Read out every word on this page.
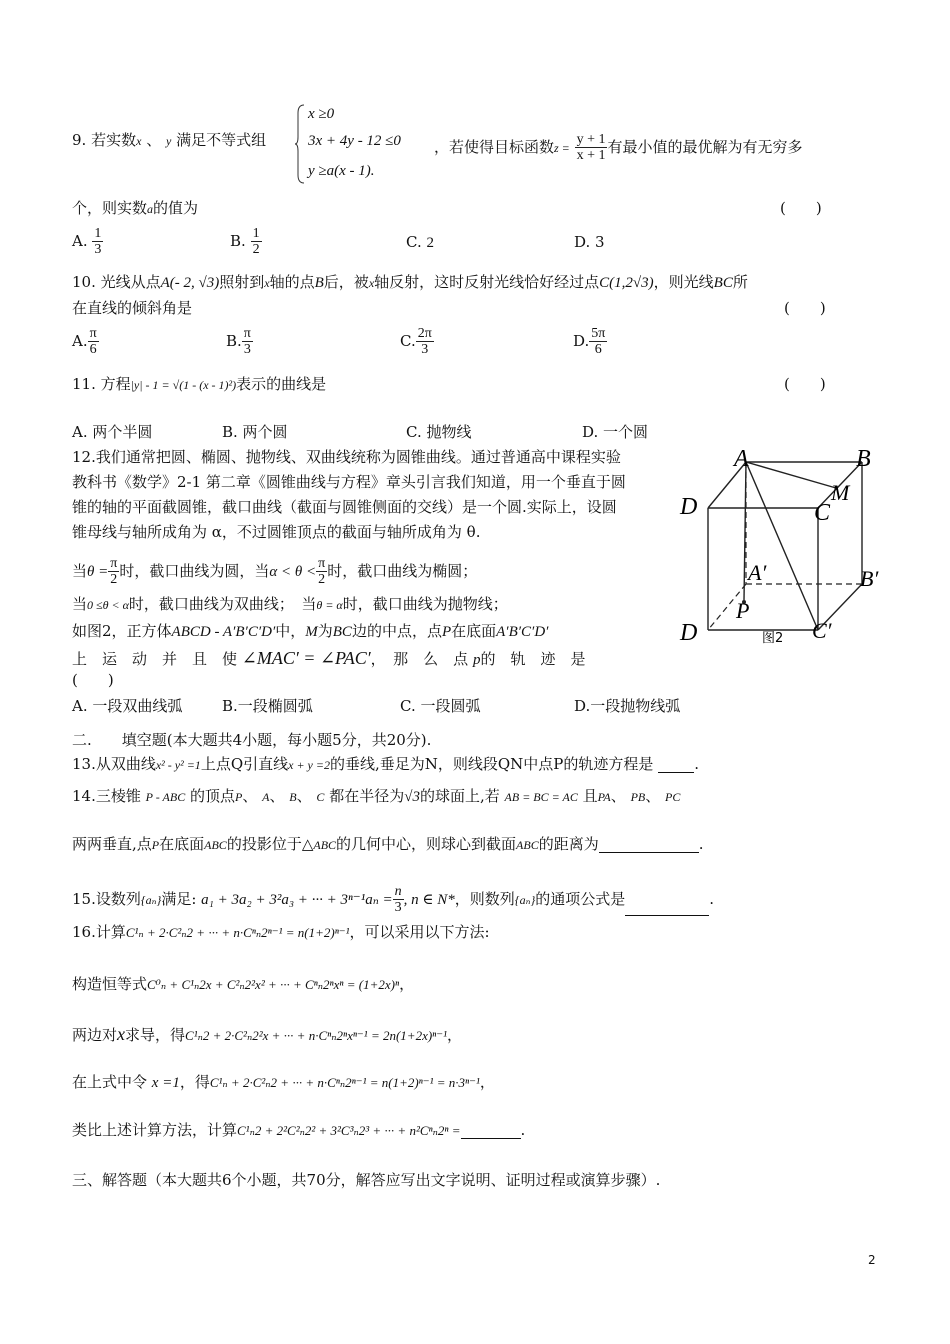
9. 若实数x 、 y 满足不等式组
x ≥0
3x + 4y - 12 ≤0
y ≥a(x - 1).
，若使得目标函数$z = \frac{y + 1}{x + 1}$ 有最小值的最优解为有无穷多
个，则实数a的值为	(　　)
A. $\frac{1}{3}$	B. $\frac{1}{2}$	C. 2	D. 3
10. 光线从点A(- 2, √3)照射到x轴的点B后，被x轴反射，这时反射光线恰好经过点C(1,2√3)，则光线BC所
在直线的倾斜角是	(　　)
A. $\frac{\pi}{6}$	B. $\frac{\pi}{3}$	C. $\frac{2\pi}{3}$	D. $\frac{5\pi}{6}$
11. 方程|y| - 1 = √(1 - (x - 1)²)表示的曲线是	(　　)
A. 两个半圆	B. 两个圆	C. 抛物线	D. 一个圆
12.我们通常把圆、椭圆、抛物线、双曲线统称为圆锥曲线。通过普通高中课程实验
教科书《数学》2-1 第二章《圆锥曲线与方程》章头引言我们知道，用一个垂直于圆
锥的轴的平面截圆锥，截口曲线（截面与圆锥侧面的交线）是一个圆.实际上，设圆
锥母线与轴所成角为 α，不过圆锥顶点的截面与轴所成角为 θ.
当$\theta = \frac{\pi}{2}$ 时，截口曲线为圆，当$\alpha < \theta < \frac{\pi}{2}$ 时，截口曲线为椭圆；
当0 ≤θ < α时，截口曲线为双曲线；　当θ = α时，截口曲线为抛物线；
如图2，正方体ABCD - A′B′C′D′中，M为BC边的中点，点P在底面A′B′C′D′
上　运　动　并　且　使 ∠MAC′ = ∠PAC′，　那　么　点 p的　轨　迹　是
(　　)
A. 一段双曲线弧	B.一段椭圆弧	C. 一段圆弧	D.一段抛物线弧
A	B
D	C
M
A′	B′
D	C′
P
图2
二.　　填空题(本大题共4小题，每小题5分，共20分).
13.从双曲线x² - y² =1上点Q引直线x + y =2的垂线,垂足为N，则线段QN中点P的轨迹方程是	.
14.三棱锥 P - ABC 的顶点P、 A、 B、 C 都在半径为√3的球面上,若 AB = BC = AC 且PA、 PB、 PC
两两垂直,点P在底面ABC的投影位于△ABC的几何中心，则球心到截面ABC的距离为	.
15.设数列{aₙ}满足: a₁ + 3a₂ + 3²a₃ + ··· + $3^{n-1}a_n = \frac{n}{3}$ , n ∈ N*，则数列{aₙ}的通项公式是	.
16.计算C¹ₙ + 2·C²ₙ2 + ··· + n·Cⁿₙ2ⁿ⁻¹ = n(1+2)ⁿ⁻¹，可以采用以下方法:
构造恒等式C⁰ₙ + C¹ₙ2x + C²ₙ2²x² + ··· + Cⁿₙ2ⁿxⁿ = (1+2x)ⁿ，
两边对x求导，得C¹ₙ2 + 2·C²ₙ2²x + ··· + n·Cⁿₙ2ⁿxⁿ⁻¹ = 2n(1+2x)ⁿ⁻¹，
在上式中令 x =1，得C¹ₙ + 2·C²ₙ2 + ··· + n·Cⁿₙ2ⁿ⁻¹ = n(1+2)ⁿ⁻¹ = n·3ⁿ⁻¹，
类比上述计算方法，计算C¹ₙ2 + 2²C²ₙ2² + 3²C³ₙ2³ + ··· + n²Cⁿₙ2ⁿ =	.
三、解答题（本大题共6个小题，共70分，解答应写出文字说明、证明过程或演算步骤）.
2
